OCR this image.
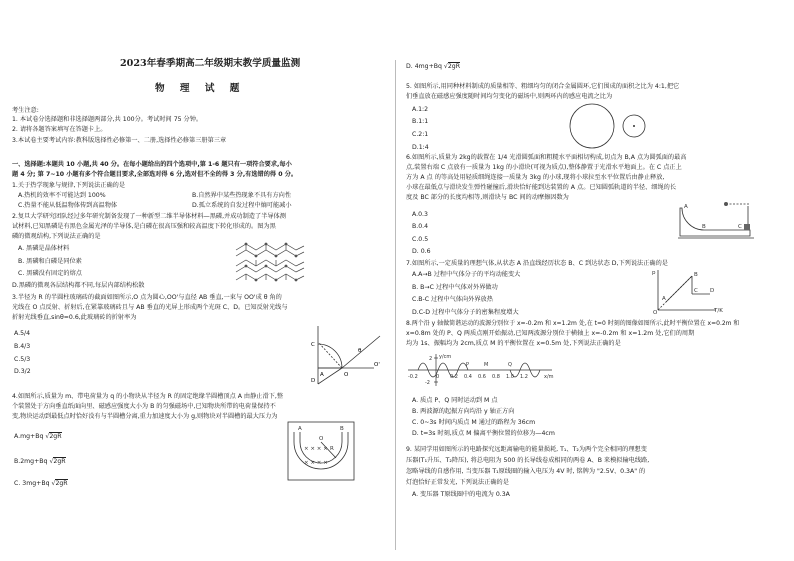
2023年春季期高二年级期末教学质量监测
物 理 试 题
考生注意:
1. 本试卷分选择题和非选择题两部分,共 100分。考试时间 75 分钟。
2. 请将各题答案填写在答题卡上。
3.本试卷主要考试内容:教科版选择性必修第一、二册,选择性必修第三册第三章
一、选择题:本题共 10 小题,共 40 分。在每小题给出的四个选项中,第 1-6 题只有一项符合要求,每小
题 4 分; 第 7~10 小题有多个符合题目要求,全部选对得 6 分,选对但不全的得 3 分,有选错的得 0 分。
1.关于热学现象与规律,下列说法正确的是
A.热机的效率不可能达到 100%	B.自然界中某些热现象不具有方向性
C.热量不能从低温物体传到高温物体	D.孤立系统的自发过程中熵可能减小
2.复旦大学研究团队经过多年研究制备发现了一种新型二维半导体材料—黑磷,并成功制造了半导体测
试材料,已知黑磷是有黑色金属光泽的半导体,是白磷在很高压强和较高温度下转化形成的。图为黑
磷的微观结构,下列说法正确的是
A. 黑磷是晶体材料
B. 黑磷和白磷是同位素
C. 黑磷没有固定的熔点
D.黑磷的微观各层结构都不同,每层内部结构松散
3.半径为 R 的半圆柱玻璃砖的截面如图所示,O 点为圆心,OO'与直径 AB 垂直,一束与 OO'成 θ 角的
光线在 O 点反射、折射后,在紧靠玻璃砖且与 AB 垂直的光屏上形成两个光斑 C、D。已知反射光线与
折射光线垂直,sinθ=0.6,此玻璃砖的折射率为
A.5/4
B.4/3
C.5/3
D.3/2
C
D
A	O
O'
θ
4.如图所示,质量为 m、带电荷量为 q 的小物块从半径为 R 的固定绝缘半圆槽顶点 A 由静止滑下,整
个装置处于方向垂直纸面向里、磁感应强度大小为 B 的匀强磁场中,已知物块所带的电荷量保持不
变,物块运动到最低点时恰好没有与半圆槽分离,重力加速度大小为 g,则物块对半圆槽的最大压力为
A.mg+Bq √2gR
B.2mg+Bq √2gR
C. 3mg+Bq √2gR
A	B
O
R
× × × ×
× × × ×
D. 4mg+Bq √2gR
5. 如图所示,用同种材料制成的质量相等、粗细均匀的闭合金属圆环,它们围成的面积之比为 4:1,把它
们垂直放在磁感应强度随时间均匀变化的磁场中,则两环内的感应电流之比为
A.1:2
B.1:1
C.2:1
D.1:4
6.如图所示,质量为 2kg的载置在 1/4 光滑圆弧面和粗糙水平面相切构成,切点为 B,A 点为圆弧面的最高
点,装置右端 C 点放有一质量为 1kg 的小滑块(可视为质点),整体静置于光滑水平地面上。在 C 点正上
方为 A 点 的等高处用轻质细绳连接一质量为 3kg 的小球,现将小球拉至水平位置后由静止释放,
小球在最低点与滑块发生弹性碰撞后,滑块恰好能到达装置的 A 点。已知圆弧轨道的半径、细绳的长
度及 BC 部分的长度均相等,则滑块与 BC 间的动摩擦因数为
A.0.3
B.0.4
C.0.5
D. 0.6
A
B	C
7.如图所示,一定质量的理想气体,从状态 A 沿直线经历状态 B、C 到达状态 D,下列说法正确的是
A.A→B 过程中气体分子的平均动能变大
B. B→C 过程中气体对外界做功
C.B-C 过程中气体向外界放热
D.C-D 过程中气体分子的密集程度增大
p
T/K
O
A
B
C D
8.两个沿 y 轴做简谐运动的波源分别位于 x=-0.2m 和 x=1.2m 处,在 t=0 时刻的图像如图所示,此时平衡位置在 x=0.2m 和
x=0.8m 处的 P、Q 两质点刚开始振动,已知两波源分别位于横轴上 x=-0.2m 和 x=1.2m 处,它们的周期
均为 1s、振幅均为 2cm,质点 M 的平衡位置在 x=0.5m 处,下列说法正确的是
y/cm
x/m
2
-2
-0.2	0 0.2 0.4 0.6 0.8 1.0 1.2
P	M	Q
A. 质点 P、Q 同时运动到 M 点
B. 两波源的起振方向均沿 y 轴正方向
C. 0~3s 时间内质点 M 通过的路程为 36cm
D. t=3s 时刻,质点 M 偏离平衡位置的位移为—4cm
9. 某同学用如图所示的电路探究远距离输电的能量损耗, T₁、T₂为两个完全相同的理想变
压器(T₁升压、T₂降压), 将总电阻为 500 的长导线卷成相同的两卷 A、B 来模拟输电线路,
忽略导线的自感作用, 当变压器 T₁原线圈的输入电压为 4V 时, 铭牌为 "2.5V、0.3A" 的
灯泡恰好正常发光, 下列说法正确的是
A. 变压器 T原线圈中的电流为 0.3A
